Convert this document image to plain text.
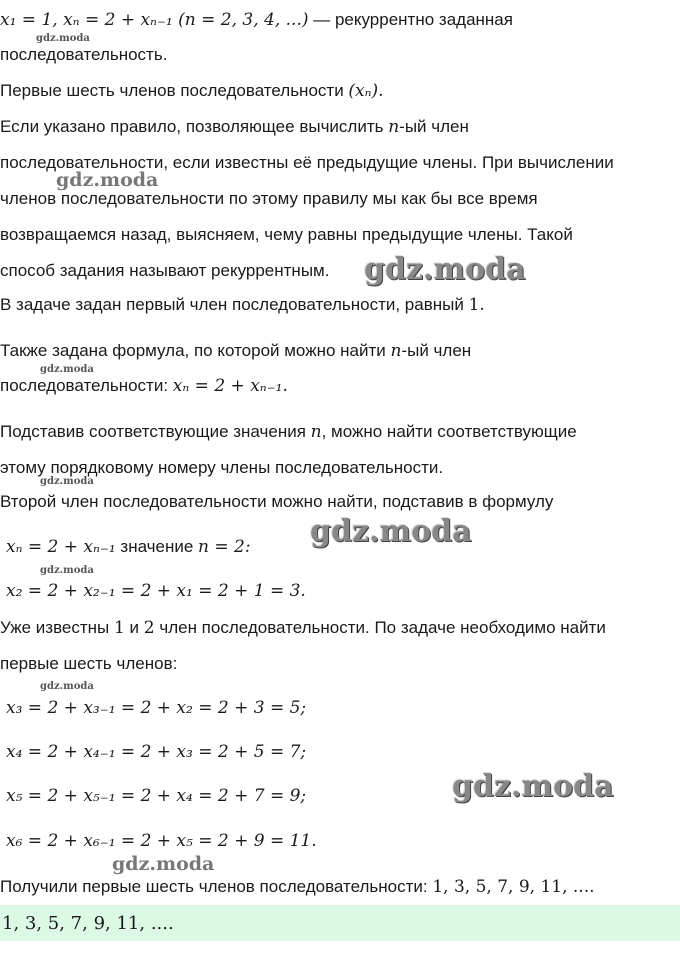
x₁ = 1, xₙ = 2 + xₙ₋₁ (n = 2, 3, 4, ...) — рекуррентно заданная
последовательность.
Первые шесть членов последовательности (xₙ).
Если указано правило, позволяющее вычислить n-ый член
последовательности, если известны её предыдущие члены. При вычислении
членов последовательности по этому правилу мы как бы все время
возвращаемся назад, выясняем, чему равны предыдущие члены. Такой
способ задания называют рекуррентным.
В задаче задан первый член последовательности, равный 1.
Также задана формула, по которой можно найти n-ый член
последовательности: xₙ = 2 + xₙ₋₁.
Подставив соответствующие значения n, можно найти соответствующие
этому порядковому номеру члены последовательности.
Второй член последовательности можно найти, подставив в формулу
xₙ = 2 + xₙ₋₁ значение n = 2:
x₂ = 2 + x₂₋₁ = 2 + x₁ = 2 + 1 = 3.
Уже известны 1 и 2 член последовательности. По задаче необходимо найти
первые шесть членов:
x₃ = 2 + x₃₋₁ = 2 + x₂ = 2 + 3 = 5;
x₄ = 2 + x₄₋₁ = 2 + x₃ = 2 + 5 = 7;
x₅ = 2 + x₅₋₁ = 2 + x₄ = 2 + 7 = 9;
x₆ = 2 + x₆₋₁ = 2 + x₅ = 2 + 9 = 11.
Получили первые шесть членов последовательности: 1, 3, 5, 7, 9, 11, ....
1, 3, 5, 7, 9, 11, ....
gdz.moda
gdz.moda
gdz.moda
gdz.moda
gdz.moda
gdz.moda
gdz.moda
gdz.moda
gdz.moda
gdz.moda
